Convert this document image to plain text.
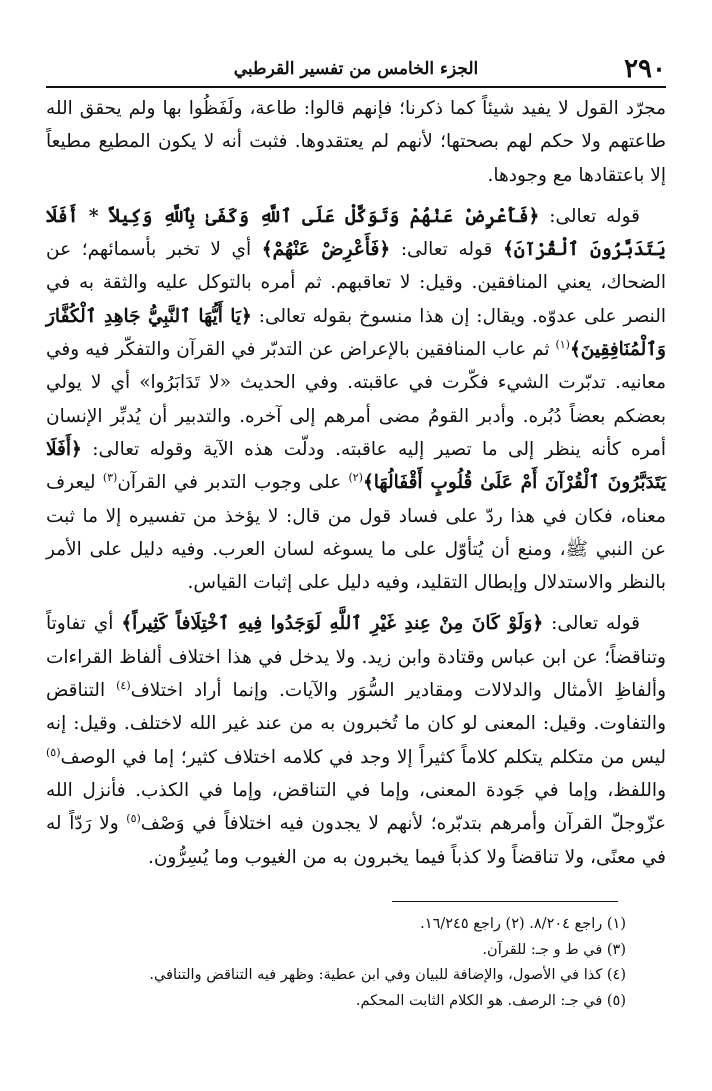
٢٩٠
الجزء الخامس من تفسير القرطبي

مجرّد القول لا يفيد شيئاً كما ذكرنا؛ فإنهم قالوا: طاعة، ولَفَظُوا بها ولم يحقق الله طاعتهم ولا حكم لهم بصحتها؛ لأنهم لم يعتقدوها. فثبت أنه لا يكون المطيع مطيعاً إلا باعتقادها مع وجودها.

قوله تعالى: ﴿فَأَعْرِضْ عَنْهُمْ وَتَوَكَّلْ عَلَى ٱللَّهِ وَكَفَىٰ بِٱللَّهِ وَكِيلاً * أَفَلَا يَتَدَبَّرُونَ ٱلْقُرْآنَ﴾ قوله تعالى: ﴿فَأَعْرِضْ عَنْهُمْ﴾ أي لا تخبر بأسمائهم؛ عن الضحاك، يعني المنافقين. وقيل: لا تعاقبهم. ثم أمره بالتوكل عليه والثقة به في النصر على عدوّه. ويقال: إن هذا منسوخ بقوله تعالى: ﴿يَا أَيُّهَا ٱلنَّبِيُّ جَاهِدِ ٱلْكُفَّارَ وَٱلْمُنَافِقِينَ﴾$^{(١)}$ ثم عاب المنافقين بالإعراض عن التدبّر في القرآن والتفكّر فيه وفي معانيه. تدبّرت الشيء فكّرت في عاقبته. وفي الحديث «لا تَدَابَرُوا» أي لا يولي بعضكم بعضاً دُبُره. وأدبر القومُ مضى أمرهم إلى آخره. والتدبير أن يُدبِّر الإنسان أمره كأنه ينظر إلى ما تصير إليه عاقبته. ودلّت هذه الآية وقوله تعالى: ﴿أَفَلَا يَتَدَبَّرُونَ ٱلْقُرْآنَ أَمْ عَلَىٰ قُلُوبٍ أَقْفَالُهَا﴾$^{(٢)}$ على وجوب التدبر في القرآن$^{(٣)}$ ليعرف معناه، فكان في هذا ردّ على فساد قول من قال: لا يؤخذ من تفسيره إلا ما ثبت عن النبي ﷺ، ومنع أن يُتأوّل على ما يسوغه لسان العرب. وفيه دليل على الأمر بالنظر والاستدلال وإبطال التقليد، وفيه دليل على إثبات القياس.

قوله تعالى: ﴿وَلَوْ كَانَ مِنْ عِندِ غَيْرِ ٱللَّهِ لَوَجَدُوا فِيهِ ٱخْتِلَافاً كَثِيراً﴾ أي تفاوتاً وتناقضاً؛ عن ابن عباس وقتادة وابن زيد. ولا يدخل في هذا اختلاف ألفاظ القراءات وألفاظِ الأمثال والدلالات ومقادير السُّوَر والآيات. وإنما أراد اختلاف$^{(٤)}$ التناقض والتفاوت. وقيل: المعنى لو كان ما تُخبرون به من عند غير الله لاختلف. وقيل: إنه ليس من متكلم يتكلم كلاماً كثيراً إلا وجد في كلامه اختلاف كثير؛ إما في الوصف$^{(٥)}$ واللفظ، وإما في جَودة المعنى، وإما في التناقض، وإما في الكذب. فأنزل الله عزّوجلّ القرآن وأمرهم بتدبّره؛ لأنهم لا يجدون فيه اختلافاً في وَصْف$^{(٥)}$ ولا رَدّاً له في معنًى، ولا تناقضاً ولا كذباً فيما يخبرون به من الغيوب وما يُسِرُّون.

(١) راجع ٨/٢٠٤. (٢) راجع ١٦/٢٤٥.

(٣) في ط و جـ: للقرآن.

(٤) كذا في الأصول، والإضافة للبيان وفي ابن عطية: وظهر فيه التناقض والتنافي.

(٥) في جـ: الرصف. هو الكلام الثابت المحكم.
